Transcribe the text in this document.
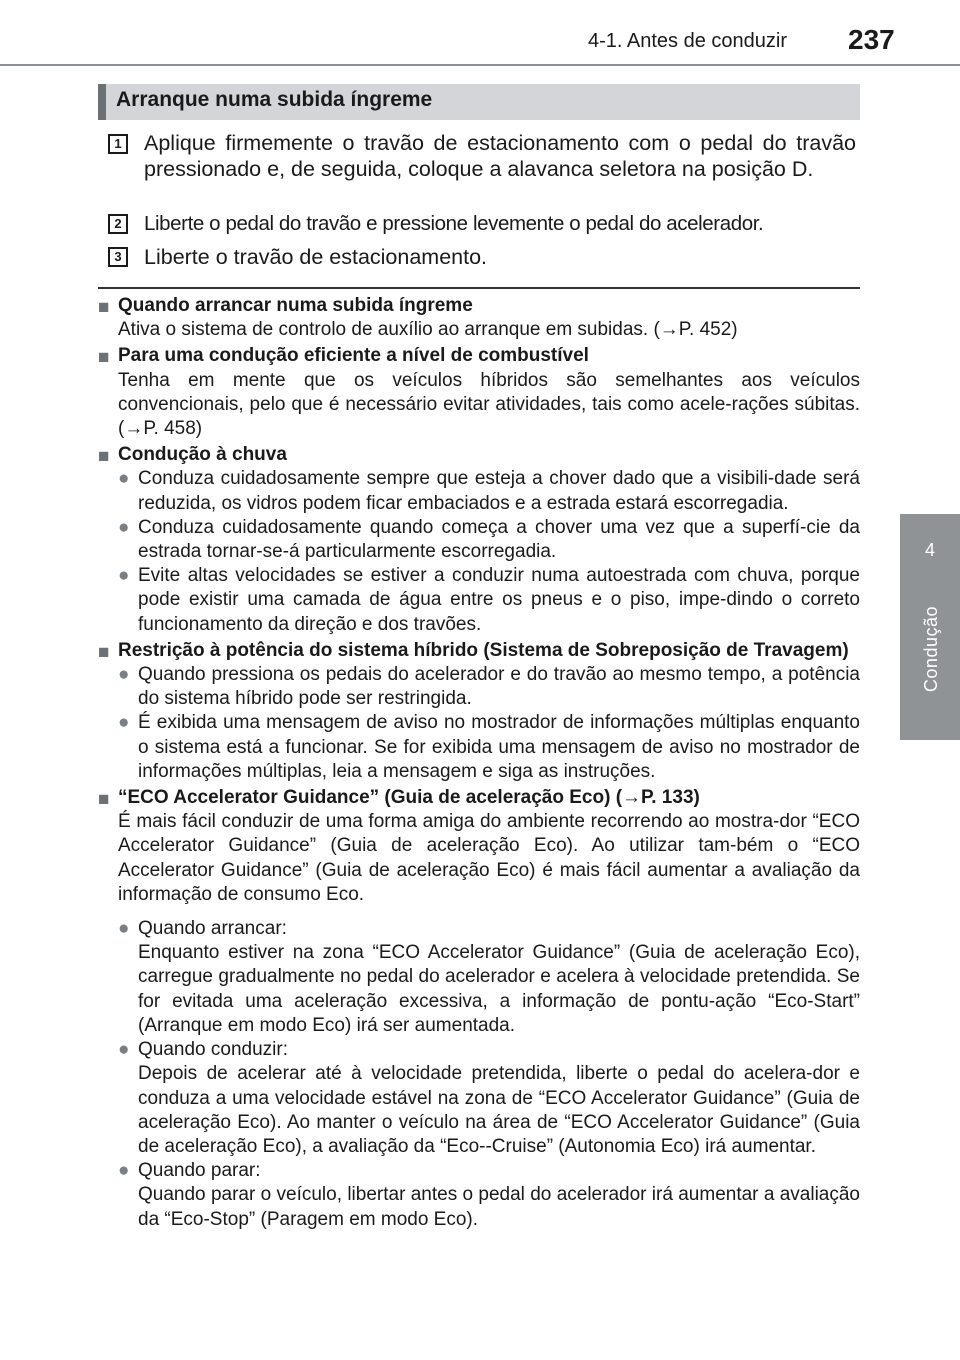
4-1. Antes de conduzir 237
4
Condução
Arranque numa subida íngreme
1 Aplique firmemente o travão de estacionamento com o pedal do travão pressionado e, de seguida, coloque a alavanca seletora na posição D.
2	Liberte o pedal do travão e pressione levemente o pedal do acelerador.
3 Liberte o travão de estacionamento.
■ Quando arrancar numa subida íngreme
Ativa o sistema de controlo de auxílio ao arranque em subidas. (→P. 452)
■ Para uma condução eficiente a nível de combustível
Tenha em mente que os veículos híbridos são semelhantes aos veículos convencionais, pelo que é necessário evitar atividades, tais como acele-rações súbitas. (→P. 458)
■ Condução à chuva
● Conduza cuidadosamente sempre que esteja a chover dado que a visibili-dade será reduzida, os vidros podem ficar embaciados e a estrada estará escorregadia.
● Conduza cuidadosamente quando começa a chover uma vez que a superfí-cie da estrada tornar-se-á particularmente escorregadia.
● Evite altas velocidades se estiver a conduzir numa autoestrada com chuva, porque pode existir uma camada de água entre os pneus e o piso, impe-dindo o correto funcionamento da direção e dos travões.
■ Restrição à potência do sistema híbrido (Sistema de Sobreposição de Travagem)
● Quando pressiona os pedais do acelerador e do travão ao mesmo tempo, a potência do sistema híbrido pode ser restringida.
● É exibida uma mensagem de aviso no mostrador de informações múltiplas enquanto o sistema está a funcionar. Se for exibida uma mensagem de aviso no mostrador de informações múltiplas, leia a mensagem e siga as instruções.
■ “ECO Accelerator Guidance” (Guia de aceleração Eco) (→P. 133)
É mais fácil conduzir de uma forma amiga do ambiente recorrendo ao mostra-dor “ECO Accelerator Guidance” (Guia de aceleração Eco). Ao utilizar tam-bém o “ECO Accelerator Guidance” (Guia de aceleração Eco) é mais fácil aumentar a avaliação da informação de consumo Eco.
● Quando arrancar:
Enquanto estiver na zona “ECO Accelerator Guidance” (Guia de aceleração Eco), carregue gradualmente no pedal do acelerador e acelera à velocidade pretendida. Se for evitada uma aceleração excessiva, a informação de pontu-ação “Eco-Start” (Arranque em modo Eco) irá ser aumentada.
● Quando conduzir:
Depois de acelerar até à velocidade pretendida, liberte o pedal do acelera-dor e conduza a uma velocidade estável na zona de “ECO Accelerator Guidance” (Guia de aceleração Eco). Ao manter o veículo na área de “ECO Accelerator Guidance” (Guia de aceleração Eco), a avaliação da “Eco--Cruise” (Autonomia Eco) irá aumentar.
● Quando parar:
Quando parar o veículo, libertar antes o pedal do acelerador irá aumentar a avaliação da “Eco-Stop” (Paragem em modo Eco).
